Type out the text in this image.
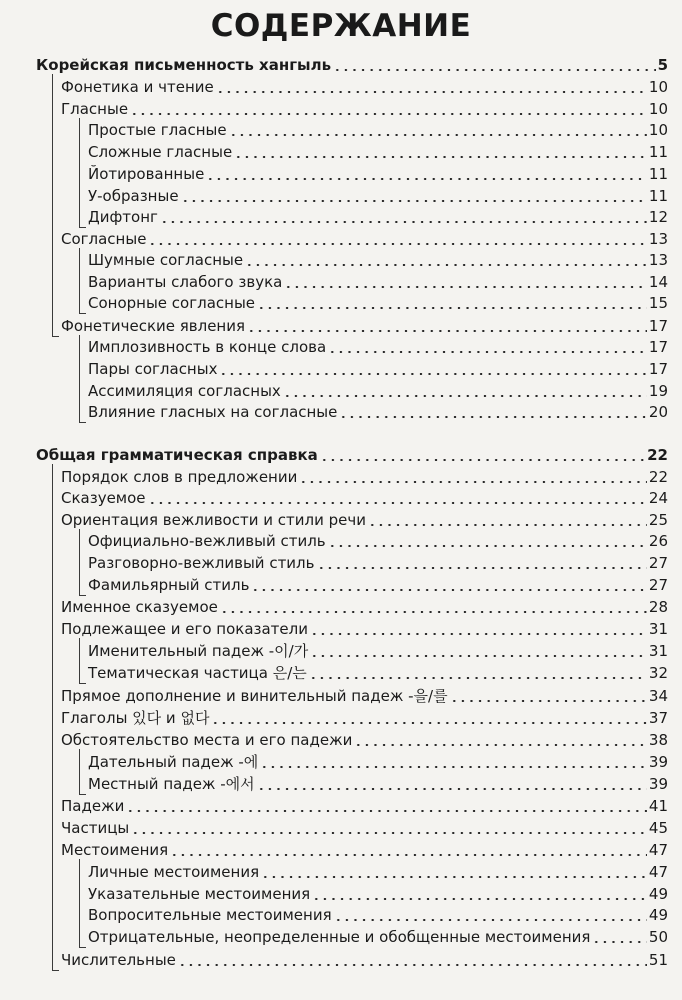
СОДЕРЖАНИЕ
Корейская письменность хангыль	5
Фонетика и чтение	10
Гласные	10
Простые гласные	10
Сложные гласные	11
Йотированные	11
У-образные	11
Дифтонг	12
Согласные	13
Шумные согласные	13
Варианты слабого звука	14
Сонорные согласные	15
Фонетические явления	17
Имплозивность в конце слова	17
Пары согласных	17
Ассимиляция согласных	19
Влияние гласных на согласные	20
Общая грамматическая справка	22
Порядок слов в предложении	22
Сказуемое	24
Ориентация вежливости и стили речи	25
Официально-вежливый стиль	26
Разговорно-вежливый стиль	27
Фамильярный стиль	27
Именное сказуемое	28
Подлежащее и его показатели	31
Именительный падеж -이/가	31
Тематическая частица 은/는	32
Прямое дополнение и винительный падеж -을/를	34
Глаголы 있다 и 없다	37
Обстоятельство места и его падежи	38
Дательный падеж -에	39
Местный падеж -에서	39
Падежи	41
Частицы	45
Местоимения	47
Личные местоимения	47
Указательные местоимения	49
Вопросительные местоимения	49
Отрицательные, неопределенные и обобщенные местоимения	50
Числительные	51
